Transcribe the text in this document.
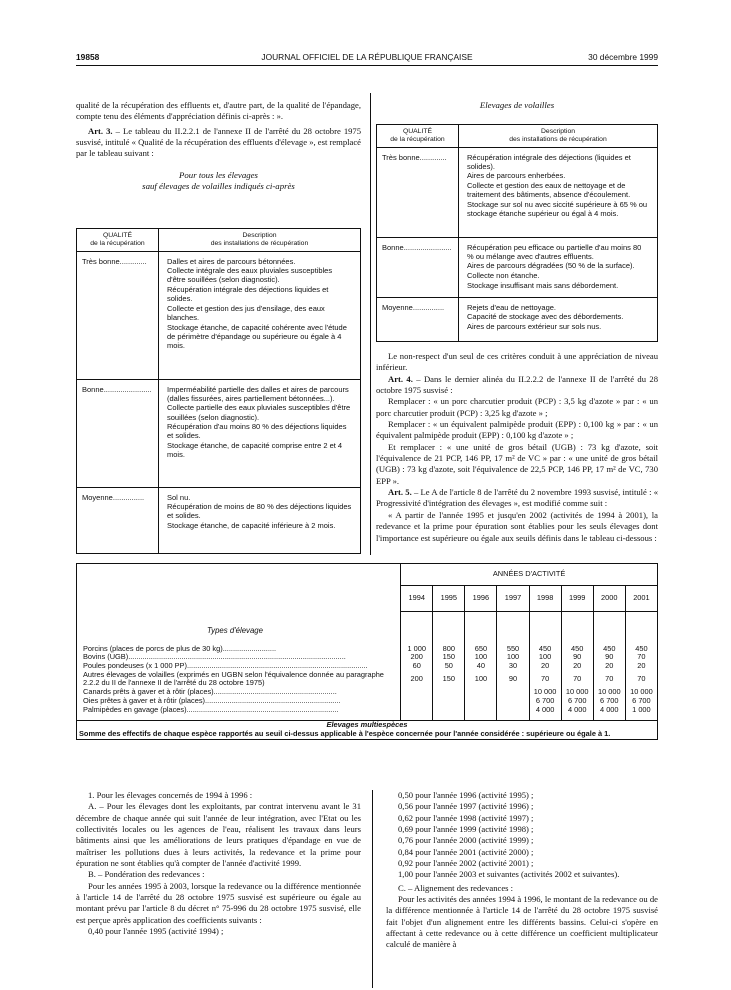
19858	JOURNAL OFFICIEL DE LA RÉPUBLIQUE FRANÇAISE	30 décembre 1999

qualité de la récupération des effluents et, d'autre part, de la qualité de l'épandage, compte tenu des éléments d'appréciation définis ci-après : ».

Art. 3. – Le tableau du II.2.2.1 de l'annexe II de l'arrêté du 28 octobre 1975 susvisé, intitulé « Qualité de la récupération des effluents d'élevage », est remplacé par le tableau suivant :

Pour tous les élevages

sauf élevages de volailles indiqués ci-après

QUALITÉ
de la récupération	Description
des installations de récupération
Très bonne.............	Dalles et aires de parcours bétonnées.
Collecte intégrale des eaux pluviales susceptibles d'être souillées (selon diagnostic).
Récupération intégrale des déjections liquides et solides.
Collecte et gestion des jus d'ensilage, des eaux blanches.
Stockage étanche, de capacité cohérente avec l'étude de périmètre d'épandage ou supérieure ou égale à 4 mois.

Bonne.......................	Imperméabilité partielle des dalles et aires de parcours (dalles fissurées, aires partiellement bétonnées...).
Collecte partielle des eaux pluviales susceptibles d'être souillées (selon diagnostic).
Récupération d'au moins 80 % des déjections liquides et solides.
Stockage étanche, de capacité comprise entre 2 et 4 mois.

Moyenne...............	Sol nu.
Récupération de moins de 80 % des déjections liquides et solides.
Stockage étanche, de capacité inférieure à 2 mois.
Elevages de volailles
QUALITÉ
de la récupération	Description
des installations de récupération
Très bonne.............	Récupération intégrale des déjections (liquides et solides).
Aires de parcours enherbées.
Collecte et gestion des eaux de nettoyage et de traitement des bâtiments, absence d'écoulement.
Stockage sur sol nu avec siccité supérieure à 65 % ou stockage étanche supérieur ou égal à 4 mois.

Bonne.......................	Récupération peu efficace ou partielle d'au moins 80 % ou mélange avec d'autres effluents.
Aires de parcours dégradées (50 % de la surface).
Collecte non étanche.
Stockage insuffisant mais sans débordement.

Moyenne...............	Rejets d'eau de nettoyage.
Capacité de stockage avec des débordements.
Aires de parcours extérieur sur sols nus.

Le non-respect d'un seul de ces critères conduit à une appréciation de niveau inférieur.

Art. 4. – Dans le dernier alinéa du II.2.2.2 de l'annexe II de l'arrêté du 28 octobre 1975 susvisé :

Remplacer : « un porc charcutier produit (PCP) : 3,5 kg d'azote » par : « un porc charcutier produit (PCP) : 3,25 kg d'azote » ;

Remplacer : « un équivalent palmipède produit (EPP) : 0,100 kg » par : « un équivalent palmipède produit (EPP) : 0,100 kg d'azote » ;

Et remplacer : « une unité de gros bétail (UGB) : 73 kg d'azote, soit l'équivalence de 21 PCP, 146 PP, 17 m² de VC » par : « une unité de gros bétail (UGB) : 73 kg d'azote, soit l'équivalence de 22,5 PCP, 146 PP, 17 m² de VC, 730 EPP ».

Art. 5. – Le A de l'article 8 de l'arrêté du 2 novembre 1993 susvisé, intitulé : « Progressivité d'intégration des élevages », est modifié comme suit :

« A partir de l'année 1995 et jusqu'en 2002 (activités de 1994 à 2001), la redevance et la prime pour épuration sont établies pour les seuls élevages dont l'importance est supérieure ou égale aux seuils définis dans le tableau ci-dessous :

	ANNÉES D'ACTIVITÉ							
	1994	1995	1996	1997	1998	1999	2000	2001
Types d'élevage								

Porcins (places de porcs de plus de 30 kg)..........................	1 000	800	650	550	450	450	450	450
Bovins (UGB)..........................................................................................................	200	150	100	100	100	90	90	70
Poules pondeuses (x 1 000 PP)........................................................................................	60	50	40	30	20	20	20	20
Autres élevages de volailles (exprimés en UGBN selon l'équivalence donnée au paragraphe 2.2.2 du II de l'annexe II de l'arrêté du 28 octobre 1975)	200	150	100	90	70	70	70	70
Canards prêts à gaver et à rôtir (places)............................................................					10 000	10 000	10 000	10 000
Oies prêtes à gaver et à rôtir (places)..................................................................					6 700	6 700	6 700	6 700
Palmipèdes en gavage (places)..........................................................................					4 000	4 000	4 000	1 000

Elevages multiespèces
Somme des effectifs de chaque espèce rapportés au seuil ci-dessus applicable à l'espèce concernée pour l'année considérée : supérieure ou égale à 1.								

1. Pour les élevages concernés de 1994 à 1996 :

A. – Pour les élevages dont les exploitants, par contrat intervenu avant le 31 décembre de chaque année qui suit l'année de leur intégration, avec l'Etat ou les collectivités locales ou les agences de l'eau, réalisent les travaux dans leurs bâtiments ainsi que les améliorations de leurs pratiques d'épandage en vue de maîtriser les pollutions dues à leurs activités, la redevance et la prime pour épuration ne sont établies qu'à compter de l'année d'activité 1999.

B. – Pondération des redevances :

Pour les années 1995 à 2003, lorsque la redevance ou la différence mentionnée à l'article 14 de l'arrêté du 28 octobre 1975 susvisé est supérieure ou égale au montant prévu par l'article 8 du décret n° 75-996 du 28 octobre 1975 susvisé, elle est perçue après application des coefficients suivants :

0,40 pour l'année 1995 (activité 1994) ;

0,50 pour l'année 1996 (activité 1995) ;

0,56 pour l'année 1997 (activité 1996) ;

0,62 pour l'année 1998 (activité 1997) ;

0,69 pour l'année 1999 (activité 1998) ;

0,76 pour l'année 2000 (activité 1999) ;

0,84 pour l'année 2001 (activité 2000) ;

0,92 pour l'année 2002 (activité 2001) ;

1,00 pour l'année 2003 et suivantes (activités 2002 et suivantes).

C. – Alignement des redevances :

Pour les activités des années 1994 à 1996, le montant de la redevance ou de la différence mentionnée à l'article 14 de l'arrêté du 28 octobre 1975 susvisé fait l'objet d'un alignement entre les différents bassins. Celui-ci s'opère en affectant à cette redevance ou à cette différence un coefficient multiplicateur calculé de manière à
